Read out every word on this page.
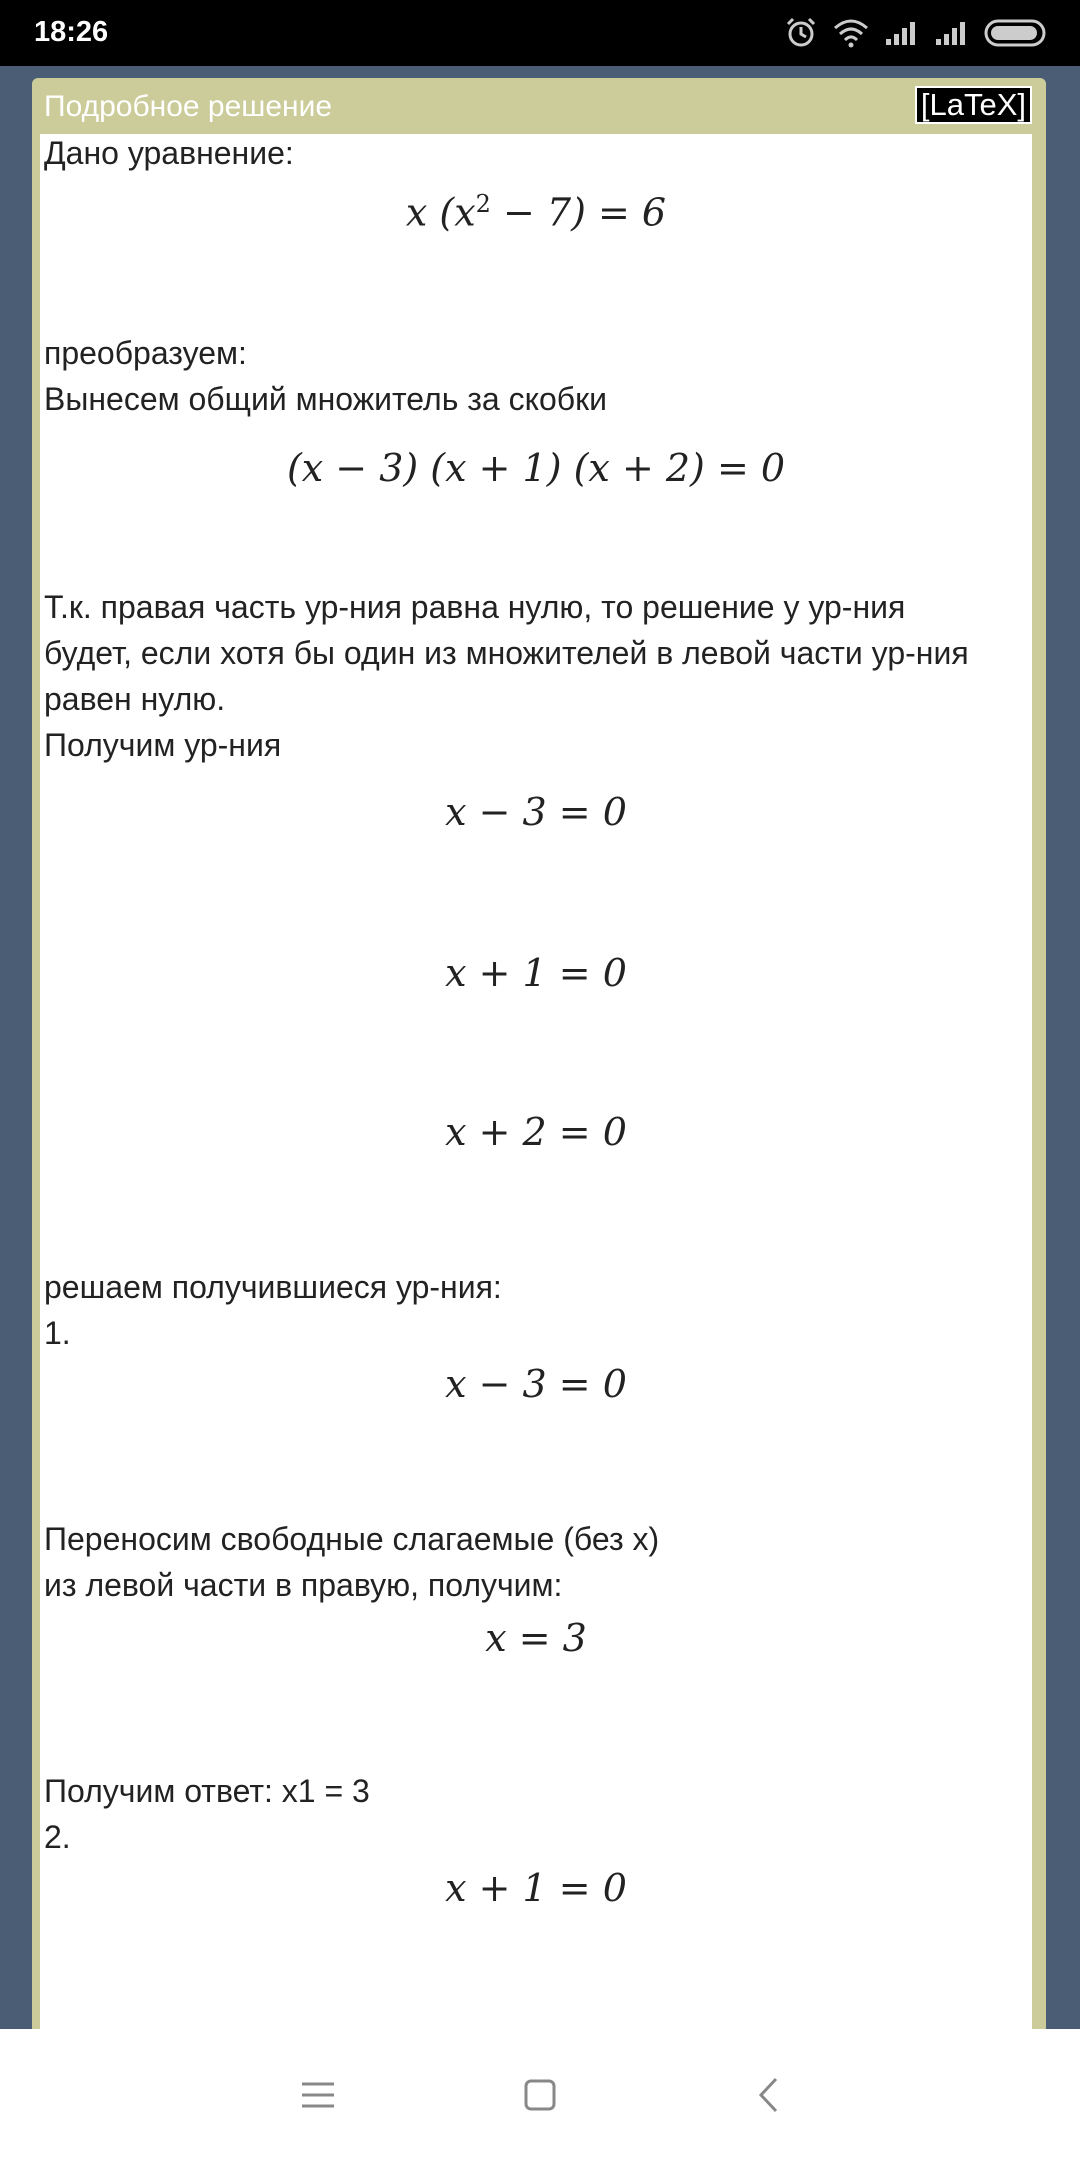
18:26
Подробное решение	[LaTeX]

Дано уравнение:

x $(x^2 - 7) = 6$

преобразуем:

Вынесем общий множитель за скобки

(x − 3) (x + 1) (x + 2) = 0

Т.к. правая часть ур-ния равна нулю, то решение у ур-ния

будет, если хотя бы один из множителей в левой части ур-ния

равен нулю.

Получим ур-ния

x − 3 = 0
x + 1 = 0
x + 2 = 0

решаем получившиеся ур-ния:

1.

x − 3 = 0

Переносим свободные слагаемые (без x)

из левой части в правую, получим:

x = 3

Получим ответ: x1 = 3

2.

x + 1 = 0
